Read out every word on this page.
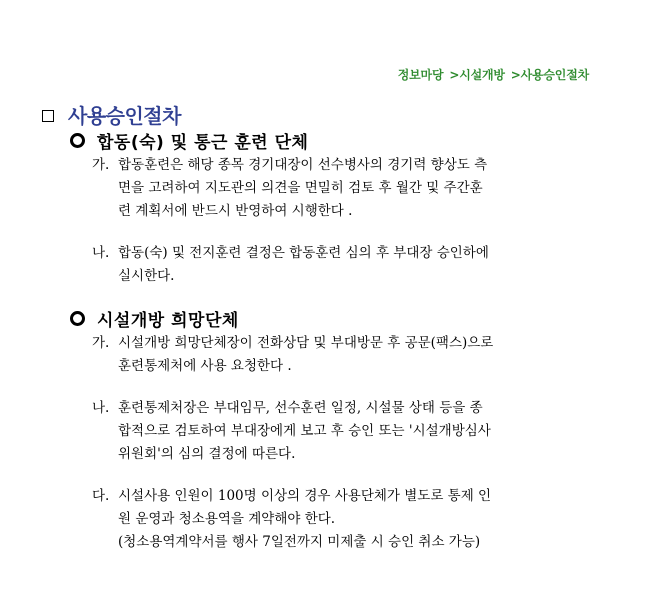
정보마당 >시설개방 >사용승인절차
사용승인절차
합동(숙) 및 통근 훈련 단체
가. 합동훈련은 해당 종목 경기대장이 선수병사의 경기력 향상도 측
면을 고려하여 지도관의 의견을 면밀히 검토 후 월간 및 주간훈
련 계획서에 반드시 반영하여 시행한다 .
나. 합동(숙) 및 전지훈련 결정은 합동훈련 심의 후 부대장 승인하에
실시한다.
시설개방 희망단체
가. 시설개방 희망단체장이 전화상담 및 부대방문 후 공문(팩스)으로
훈련통제처에 사용 요청한다 .
나. 훈련통제처장은 부대임무, 선수훈련 일정, 시설물 상태 등을 종
합적으로 검토하여 부대장에게 보고 후 승인 또는 '시설개방심사
위원회'의 심의 결정에 따른다.
다. 시설사용 인원이 100명 이상의 경우 사용단체가 별도로 통제 인
원 운영과 청소용역을 계약해야 한다.
(청소용역계약서를 행사 7일전까지 미제출 시 승인 취소 가능)
